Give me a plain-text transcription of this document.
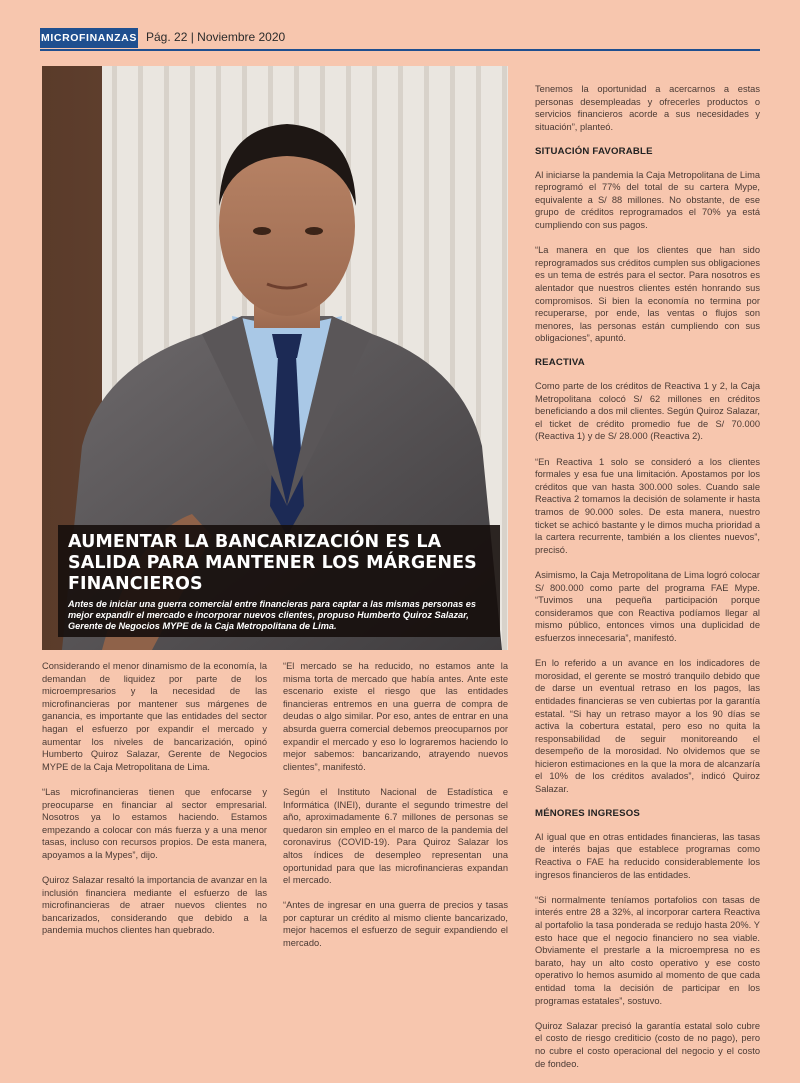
MICROFINANZAS Pág. 22 | Noviembre 2020
AUMENTAR LA BANCARIZACIÓN ES LA SALIDA PARA MANTENER LOS MÁRGENES FINANCIEROS

Antes de iniciar una guerra comercial entre financieras para captar a las mismas personas es mejor expandir el mercado e incorporar nuevos clientes, propuso Humberto Quiroz Salazar, Gerente de Negocios MYPE de la Caja Metropolitana de Lima.

Considerando el menor dinamismo de la economía, la demandan de liquidez por parte de los microempresarios y la necesidad de las microfinancieras por mantener sus márgenes de ganancia, es importante que las entidades del sector hagan el esfuerzo por expandir el mercado y aumentar los niveles de bancarización, opinó Humberto Quiroz Salazar, Gerente de Negocios MYPE de la Caja Metropolitana de Lima.

“Las microfinancieras tienen que enfocarse y preocuparse en financiar al sector empresarial. Nosotros ya lo estamos haciendo. Estamos empezando a colocar con más fuerza y a una menor tasas, incluso con recursos propios. De esta manera, apoyamos a la Mypes”, dijo.

Quiroz Salazar resaltó la importancia de avanzar en la inclusión financiera mediante el esfuerzo de las microfinancieras de atraer nuevos clientes no bancarizados, considerando que debido a la pandemia muchos clientes han quebrado.

“El mercado se ha reducido, no estamos ante la misma torta de mercado que había antes. Ante este escenario existe el riesgo que las entidades financieras entremos en una guerra de compra de deudas o algo similar. Por eso, antes de entrar en una absurda guerra comercial debemos preocuparnos por expandir el mercado y eso lo lograremos haciendo lo mejor sabemos: bancarizando, atrayendo nuevos clientes”, manifestó.

Según el Instituto Nacional de Estadística e Informática (INEI), durante el segundo trimestre del año, aproximadamente 6.7 millones de personas se quedaron sin empleo en el marco de la pandemia del coronavirus (COVID-19). Para Quiroz Salazar los altos índices de desempleo representan una oportunidad para que las microfinancieras expandan el mercado.

“Antes de ingresar en una guerra de precios y tasas por capturar un crédito al mismo cliente bancarizado, mejor hacemos el esfuerzo de seguir expandiendo el mercado.

Tenemos la oportunidad a acercarnos a estas personas desempleadas y ofrecerles productos o servicios financieros acorde a sus necesidades y situación”, planteó.

SITUACIÓN FAVORABLE

Al iniciarse la pandemia la Caja Metropolitana de Lima reprogramó el 77% del total de su cartera Mype, equivalente a S/ 88 millones. No obstante, de ese grupo de créditos reprogramados el 70% ya está cumpliendo con sus pagos.

“La manera en que los clientes que han sido reprogramados sus créditos cumplen sus obligaciones es un tema de estrés para el sector. Para nosotros es alentador que nuestros clientes estén honrando sus compromisos. Si bien la economía no termina por recuperarse, por ende, las ventas o flujos son menores, las personas están cumpliendo con sus obligaciones”, apuntó.

REACTIVA

Como parte de los créditos de Reactiva 1 y 2, la Caja Metropolitana colocó S/ 62 millones en créditos beneficiando a dos mil clientes. Según Quiroz Salazar, el ticket de crédito promedio fue de S/ 70.000 (Reactiva 1) y de S/ 28.000 (Reactiva 2).

“En Reactiva 1 solo se consideró a los clientes formales y esa fue una limitación. Apostamos por los créditos que van hasta 300.000 soles. Cuando sale Reactiva 2 tomamos la decisión de solamente ir hasta tramos de 90.000 soles. De esta manera, nuestro ticket se achicó bastante y le dimos mucha prioridad a la cartera recurrente, también a los clientes nuevos”, precisó.

Asimismo, la Caja Metropolitana de Lima logró colocar S/ 800.000 como parte del programa FAE Mype. “Tuvimos una pequeña participación porque consideramos que con Reactiva podíamos llegar al mismo público, entonces vimos una duplicidad de esfuerzos innecesaria”, manifestó.

En lo referido a un avance en los indicadores de morosidad, el gerente se mostró tranquilo debido que de darse un eventual retraso en los pagos, las entidades financieras se ven cubiertas por la garantía estatal. “Si hay un retraso mayor a los 90 días se activa la cobertura estatal, pero eso no quita la responsabilidad de seguir monitoreando el desempeño de la morosidad. No olvidemos que se hicieron estimaciones en la que la mora de alcanzaría el 10% de los créditos avalados”, indicó Quiroz Salazar.

MÉNORES INGRESOS

Al igual que en otras entidades financieras, las tasas de interés bajas que establece programas como Reactiva o FAE ha reducido considerablemente los ingresos financieros de las entidades.

“Si normalmente teníamos portafolios con tasas de interés entre 28 a 32%, al incorporar cartera Reactiva al portafolio la tasa ponderada se redujo hasta 20%. Y esto hace que el negocio financiero no sea viable. Obviamente el prestarle a la microempresa no es barato, hay un alto costo operativo y ese costo operativo lo hemos asumido al momento de que cada entidad toma la decisión de participar en los programas estatales”, sostuvo.

Quiroz Salazar precisó la garantía estatal solo cubre el costo de riesgo crediticio (costo de no pago), pero no cubre el costo operacional del negocio y el costo de fondeo.
